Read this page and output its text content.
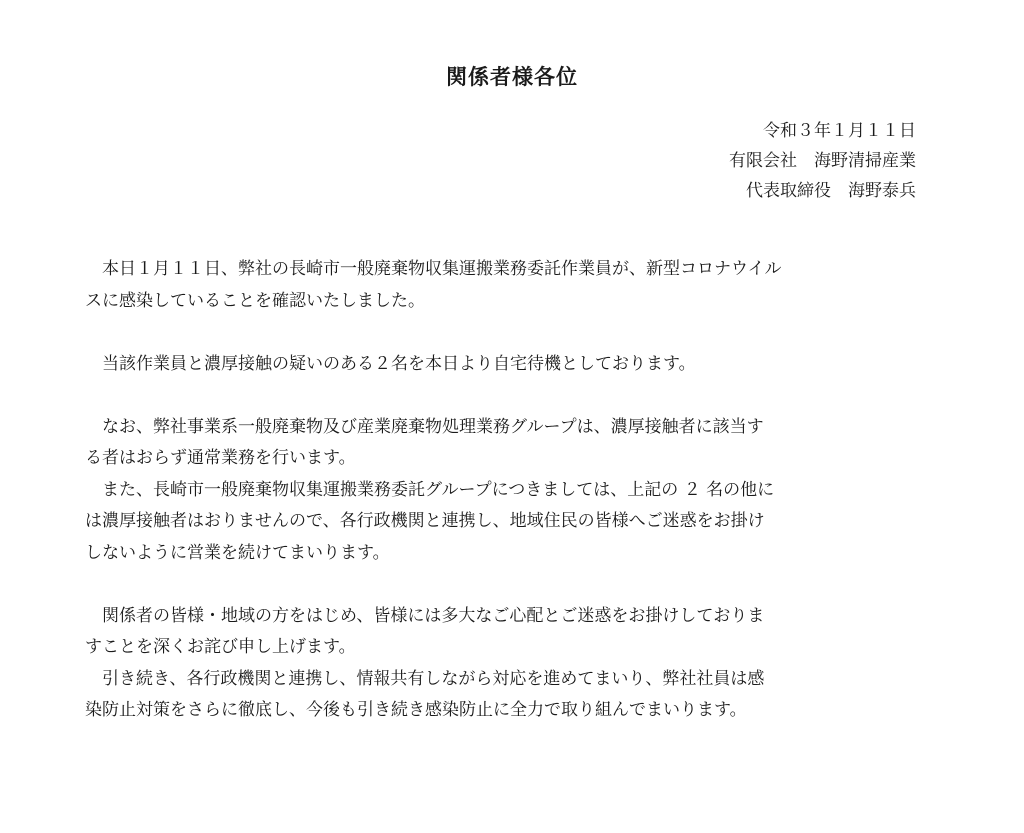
関係者様各位
令和３年１月１１日
有限会社　海野清掃産業
代表取締役　海野泰兵

　本日１月１１日、弊社の長崎市一般廃棄物収集運搬業務委託作業員が、新型コロナウイル

スに感染していることを確認いたしました。

　当該作業員と濃厚接触の疑いのある２名を本日より自宅待機としております。

　なお、弊社事業系一般廃棄物及び産業廃棄物処理業務グループは、濃厚接触者に該当す

る者はおらず通常業務を行います。

　また、長崎市一般廃棄物収集運搬業務委託グループにつきましては、上記の ２ 名の他に

は濃厚接触者はおりませんので、各行政機関と連携し、地域住民の皆様へご迷惑をお掛け

しないように営業を続けてまいります。

　関係者の皆様・地域の方をはじめ、皆様には多大なご心配とご迷惑をお掛けしておりま

すことを深くお詫び申し上げます。

　引き続き、各行政機関と連携し、情報共有しながら対応を進めてまいり、弊社社員は感

染防止対策をさらに徹底し、今後も引き続き感染防止に全力で取り組んでまいります。
